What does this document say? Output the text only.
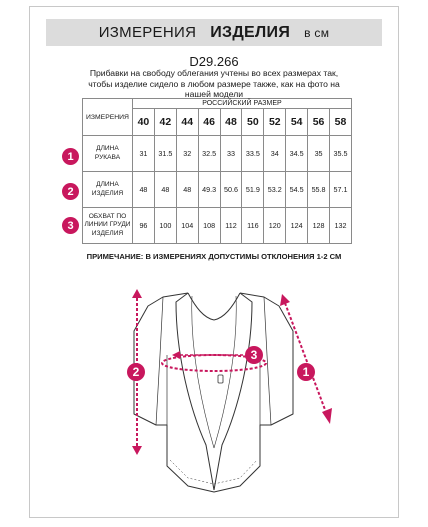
ИЗМЕРЕНИЯ ИЗДЕЛИЯ в см
D29.266
Прибавки на свободу облегания учтены во всех размерах так, чтобы изделие сидело в любом размере также, как на фото на нашей модели
ИЗМЕРЕНИЯ	РОССИЙСКИЙ РАЗМЕР									
	40	42	44	46	48	50	52	54	56	58
ДЛИНА РУКАВА	31	31.5	32	32.5	33	33.5	34	34.5	35	35.5
ДЛИНА ИЗДЕЛИЯ	48	48	48	49.3	50.6	51.9	53.2	54.5	55.8	57.1
ОБХВАТ ПО ЛИНИИ ГРУДИ ИЗДЕЛИЯ	96	100	104	108	112	116	120	124	128	132
1
2
3
ПРИМЕЧАНИЕ: В ИЗМЕРЕНИЯХ ДОПУСТИМЫ ОТКЛОНЕНИЯ 1-2 СМ
2	1
3
